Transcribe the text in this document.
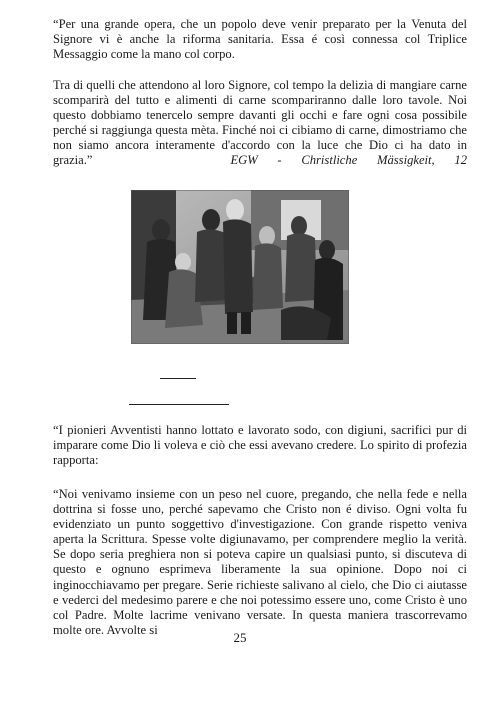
“Per una grande opera, che un popolo deve venir preparato per la Venuta del Signore vi è anche la riforma sanitaria. Essa é così connessa col Triplice Messaggio come la mano col corpo.

Tra di quelli che attendono al loro Signore, col tempo la delizia di mangiare carne scomparirà del tutto e alimenti di carne scompariranno dalle loro tavole. Noi questo dobbiamo tenercelo sempre davanti gli occhi e fare ogni cosa possibile perché si raggiunga questa mèta. Finché noi ci cibiamo di carne, dimostriamo che non siamo ancora interamente d'accordo con la luce che Dio ci ha dato in grazia.”	EGW - Christliche Mässigkeit, 12

“I pionieri Avventisti hanno lottato e lavorato sodo, con digiuni, sacrifici pur di imparare come Dio li voleva e ciò che essi avevano credere. Lo spirito di profezia rapporta:

“Noi venivamo insieme con un peso nel cuore, pregando, che nella fede e nella dottrina si fosse uno, perché sapevamo che Cristo non é diviso. Ogni volta fu evidenziato un punto soggettivo d'investigazione. Con grande rispetto veniva aperta la Scrittura. Spesse volte digiunavamo, per comprendere meglio la verità. Se dopo seria preghiera non si poteva capire un qualsiasi punto, si discuteva di questo e ognuno esprimeva liberamente la sua opinione. Dopo noi ci inginocchiavamo per pregare. Serie richieste salivano al cielo, che Dio ci aiutasse e vederci del medesimo parere e che noi potessimo essere uno, come Cristo è uno col Padre. Molte lacrime venivano versate. In questa maniera trascorrevamo molte ore. Avvolte si

25
